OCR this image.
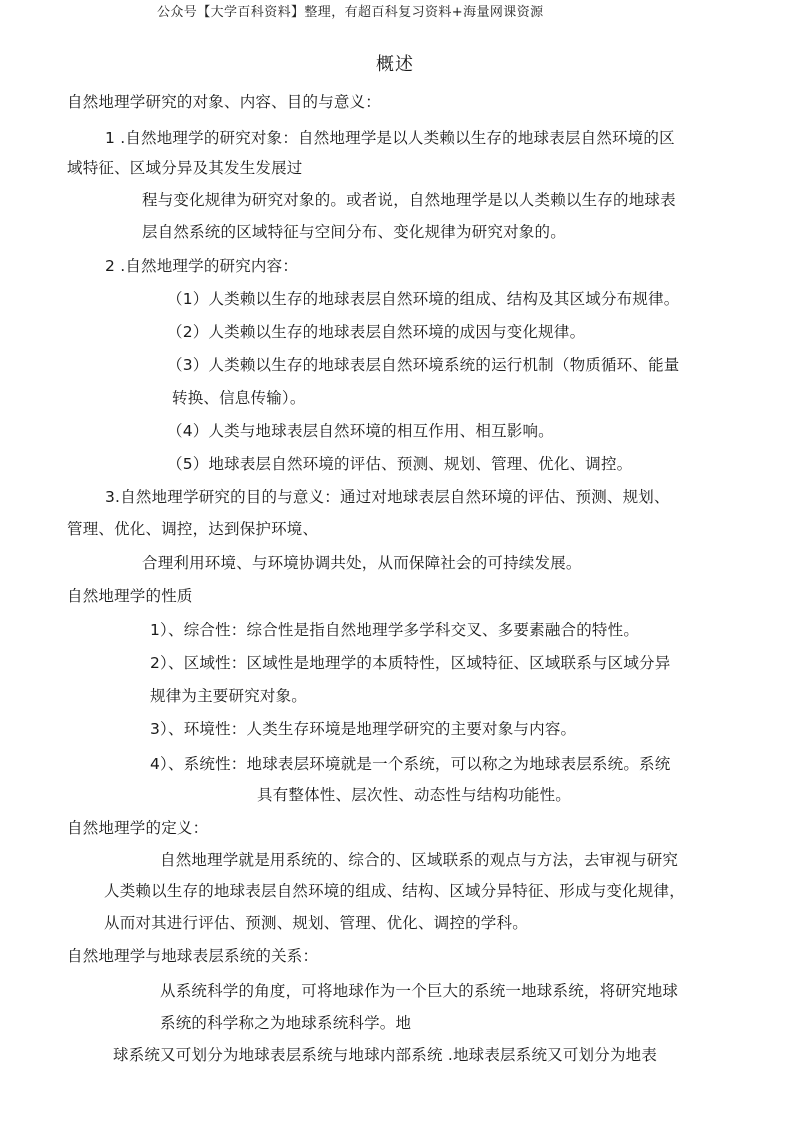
公众号【大学百科资料】整理，有超百科复习资料+海量网课资源
概述
自然地理学研究的对象、内容、目的与意义：
1 .自然地理学的研究对象：自然地理学是以人类赖以生存的地球表层自然环境的区
域特征、区域分异及其发生发展过
程与变化规律为研究对象的。或者说，自然地理学是以人类赖以生存的地球表
层自然系统的区域特征与空间分布、变化规律为研究对象的。
2 .自然地理学的研究内容：
（1）人类赖以生存的地球表层自然环境的组成、结构及其区域分布规律。
（2）人类赖以生存的地球表层自然环境的成因与变化规律。
（3）人类赖以生存的地球表层自然环境系统的运行机制（物质循环、能量
转换、信息传输）。
（4）人类与地球表层自然环境的相互作用、相互影响。
（5）地球表层自然环境的评估、预测、规划、管理、优化、调控。
3.自然地理学研究的目的与意义：通过对地球表层自然环境的评估、预测、规划、
管理、优化、调控，达到保护环境、
合理利用环境、与环境协调共处，从而保障社会的可持续发展。
自然地理学的性质
1）、综合性：综合性是指自然地理学多学科交叉、多要素融合的特性。
2）、区域性：区域性是地理学的本质特性，区域特征、区域联系与区域分异
规律为主要研究对象。
3）、环境性：人类生存环境是地理学研究的主要对象与内容。
4）、系统性：地球表层环境就是一个系统，可以称之为地球表层系统。系统
具有整体性、层次性、动态性与结构功能性。
自然地理学的定义：
自然地理学就是用系统的、综合的、区域联系的观点与方法，去审视与研究
人类赖以生存的地球表层自然环境的组成、结构、区域分异特征、形成与变化规律，
从而对其进行评估、预测、规划、管理、优化、调控的学科。
自然地理学与地球表层系统的关系：
从系统科学的角度，可将地球作为一个巨大的系统一地球系统，将研究地球
系统的科学称之为地球系统科学。地
球系统又可划分为地球表层系统与地球内部系统 .地球表层系统又可划分为地表
